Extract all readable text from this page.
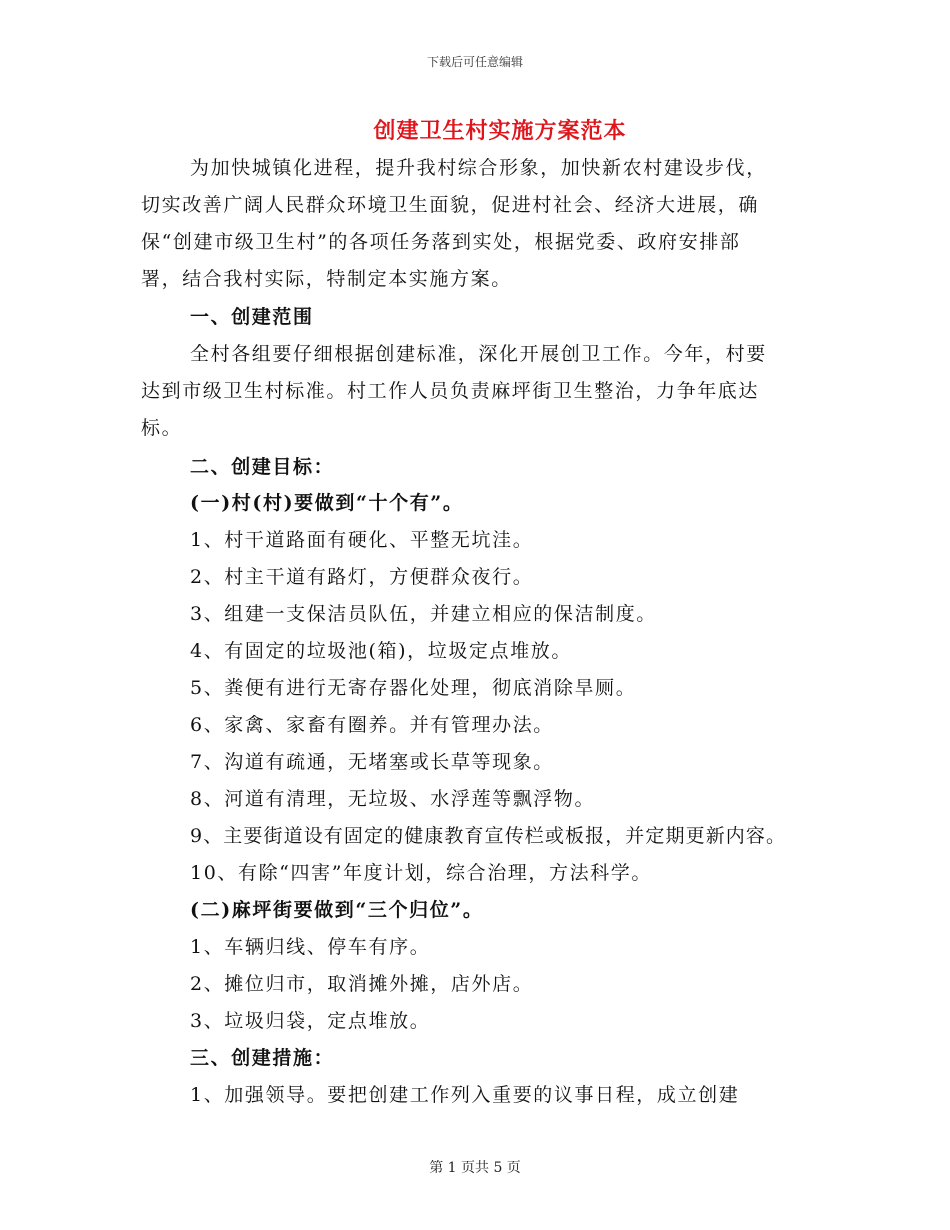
下载后可任意编辑
创建卫生村实施方案范本
为加快城镇化进程，提升我村综合形象，加快新农村建设步伐，
切实改善广阔人民群众环境卫生面貌，促进村社会、经济大进展，确
保“创建市级卫生村”的各项任务落到实处，根据党委、政府安排部
署，结合我村实际，特制定本实施方案。
一、创建范围
全村各组要仔细根据创建标准，深化开展创卫工作。今年，村要
达到市级卫生村标准。村工作人员负责麻坪街卫生整治，力争年底达
标。
二、创建目标：
(一)村(村)要做到“十个有”。
1、村干道路面有硬化、平整无坑洼。
2、村主干道有路灯，方便群众夜行。
3、组建一支保洁员队伍，并建立相应的保洁制度。
4、有固定的垃圾池(箱)，垃圾定点堆放。
5、粪便有进行无寄存器化处理，彻底消除旱厕。
6、家禽、家畜有圈养。并有管理办法。
7、沟道有疏通，无堵塞或长草等现象。
8、河道有清理，无垃圾、水浮莲等飘浮物。
9、主要街道设有固定的健康教育宣传栏或板报，并定期更新内容。
10、有除“四害”年度计划，综合治理，方法科学。
(二)麻坪街要做到“三个归位”。
1、车辆归线、停车有序。
2、摊位归市，取消摊外摊，店外店。
3、垃圾归袋，定点堆放。
三、创建措施：
1、加强领导。要把创建工作列入重要的议事日程，成立创建
第 1 页共 5 页
